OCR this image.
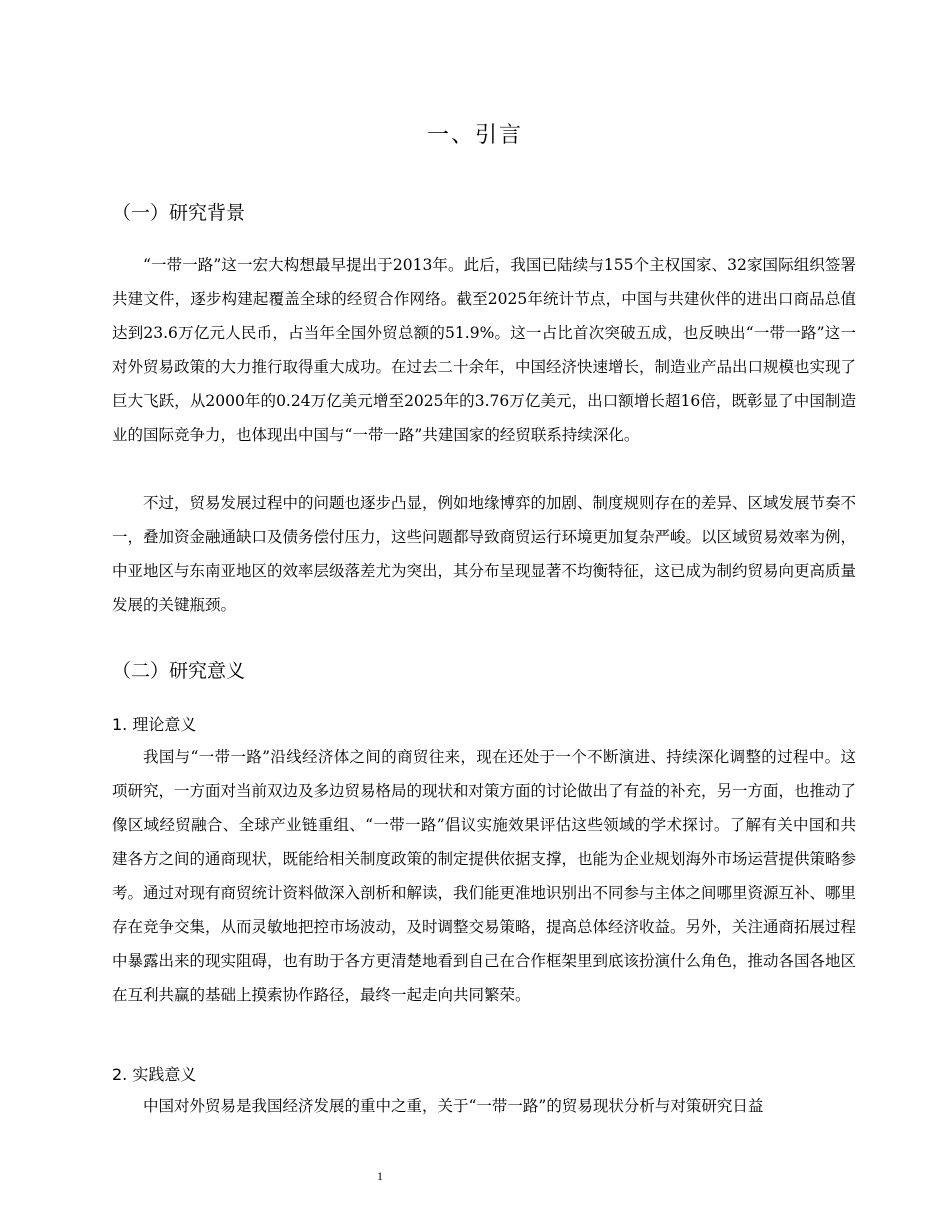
一、引言
（一）研究背景

“一带一路”这一宏大构想最早提出于2013年。此后，我国已陆续与155个主权国家、32家国际组织签署共建文件，逐步构建起覆盖全球的经贸合作网络。截至2025年统计节点，中国与共建伙伴的进出口商品总值达到23.6万亿元人民币，占当年全国外贸总额的51.9%。这一占比首次突破五成，也反映出“一带一路”这一对外贸易政策的大力推行取得重大成功。在过去二十余年，中国经济快速增长，制造业产品出口规模也实现了巨大飞跃，从2000年的0.24万亿美元增至2025年的3.76万亿美元，出口额增长超16倍，既彰显了中国制造业的国际竞争力，也体现出中国与“一带一路”共建国家的经贸联系持续深化。

不过，贸易发展过程中的问题也逐步凸显，例如地缘博弈的加剧、制度规则存在的差异、区域发展节奏不一，叠加资金融通缺口及债务偿付压力，这些问题都导致商贸运行环境更加复杂严峻。以区域贸易效率为例，中亚地区与东南亚地区的效率层级落差尤为突出，其分布呈现显著不均衡特征，这已成为制约贸易向更高质量发展的关键瓶颈。

（二）研究意义
1. 理论意义

我国与“一带一路”沿线经济体之间的商贸往来，现在还处于一个不断演进、持续深化调整的过程中。这项研究，一方面对当前双边及多边贸易格局的现状和对策方面的讨论做出了有益的补充，另一方面，也推动了像区域经贸融合、全球产业链重组、“一带一路”倡议实施效果评估这些领域的学术探讨。了解有关中国和共建各方之间的通商现状，既能给相关制度政策的制定提供依据支撑，也能为企业规划海外市场运营提供策略参考。通过对现有商贸统计资料做深入剖析和解读，我们能更准地识别出不同参与主体之间哪里资源互补、哪里存在竞争交集，从而灵敏地把控市场波动，及时调整交易策略，提高总体经济收益。另外，关注通商拓展过程中暴露出来的现实阻碍，也有助于各方更清楚地看到自己在合作框架里到底该扮演什么角色，推动各国各地区在互利共赢的基础上摸索协作路径，最终一起走向共同繁荣。

2. 实践意义

中国对外贸易是我国经济发展的重中之重，关于“一带一路”的贸易现状分析与对策研究日益

1
